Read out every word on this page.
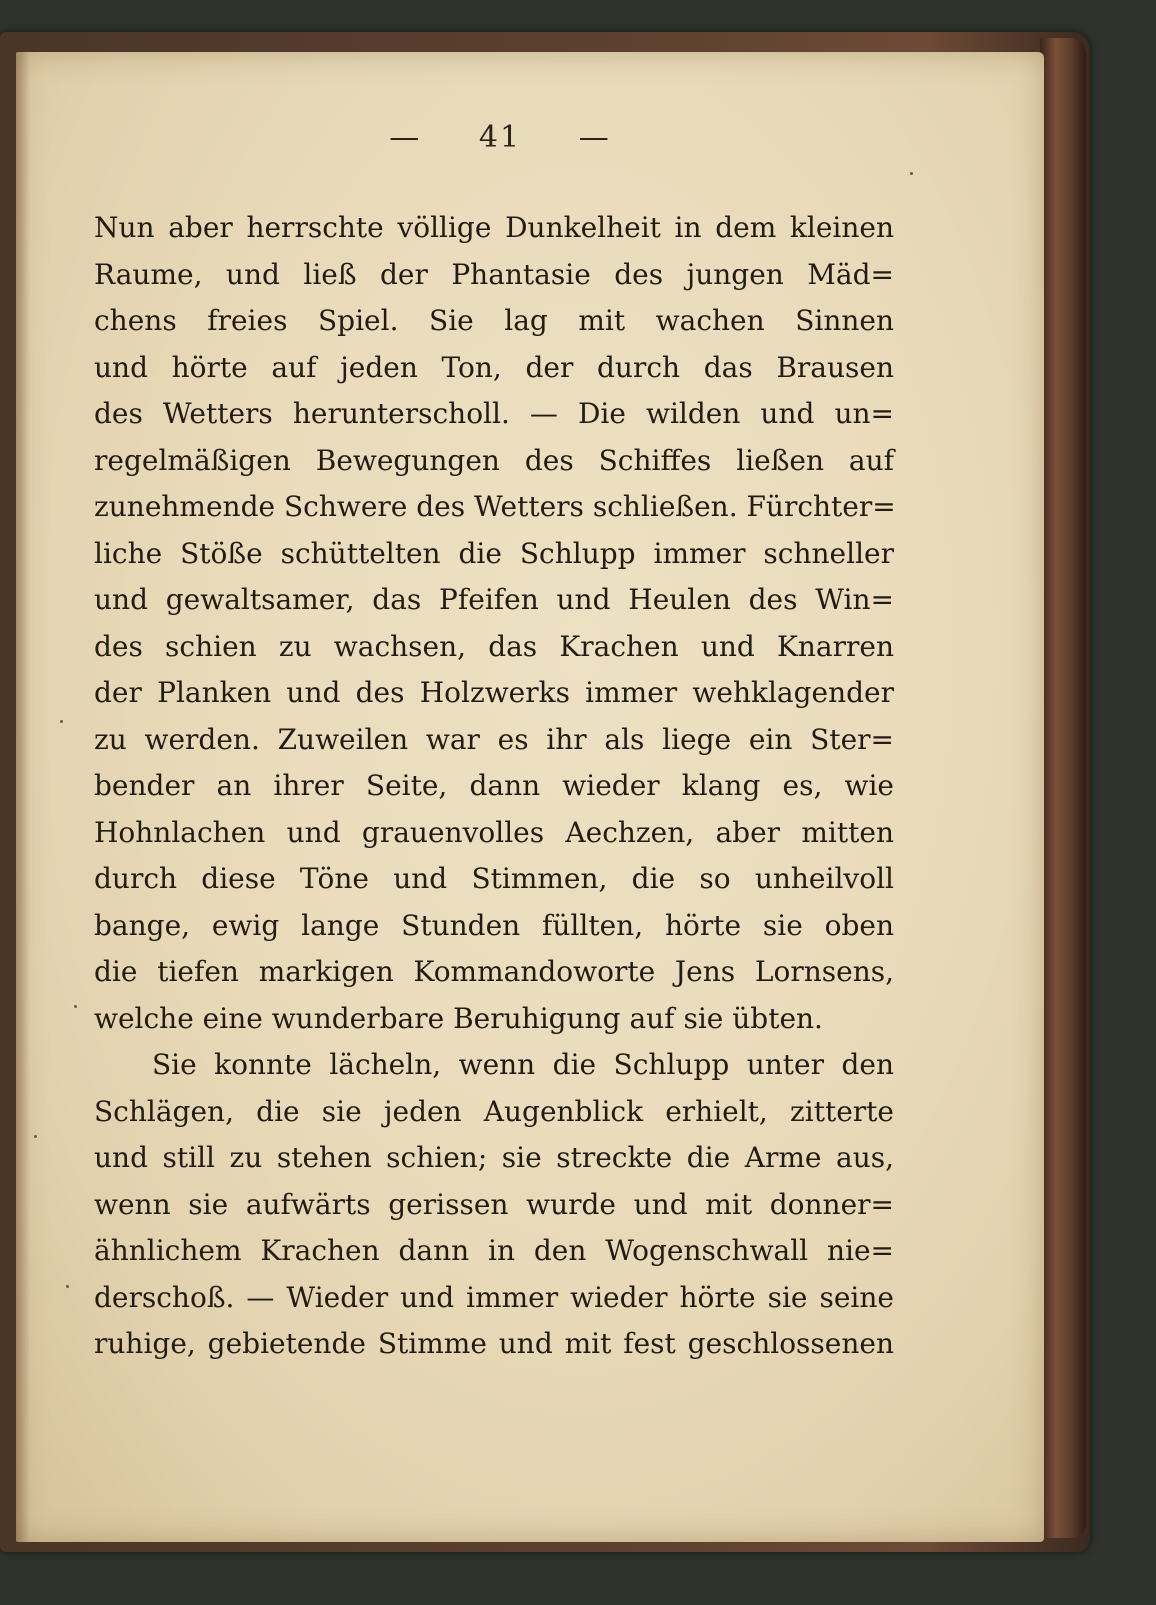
— 41 —
Nun aber herrschte völlige Dunkelheit in dem kleinen
Raume, und ließ der Phantasie des jungen Mäd=
chens freies Spiel. Sie lag mit wachen Sinnen
und hörte auf jeden Ton, der durch das Brausen
des Wetters herunterscholl. — Die wilden und un=
regelmäßigen Bewegungen des Schiffes ließen auf
zunehmende Schwere des Wetters schließen. Fürchter=
liche Stöße schüttelten die Schlupp immer schneller
und gewaltsamer, das Pfeifen und Heulen des Win=
des schien zu wachsen, das Krachen und Knarren
der Planken und des Holzwerks immer wehklagender
zu werden. Zuweilen war es ihr als liege ein Ster=
bender an ihrer Seite, dann wieder klang es, wie
Hohnlachen und grauenvolles Aechzen, aber mitten
durch diese Töne und Stimmen, die so unheilvoll
bange, ewig lange Stunden füllten, hörte sie oben
die tiefen markigen Kommandoworte Jens Lornsens,
welche eine wunderbare Beruhigung auf sie übten.
Sie konnte lächeln, wenn die Schlupp unter den
Schlägen, die sie jeden Augenblick erhielt, zitterte
und still zu stehen schien; sie streckte die Arme aus,
wenn sie aufwärts gerissen wurde und mit donner=
ähnlichem Krachen dann in den Wogenschwall nie=
derschoß. — Wieder und immer wieder hörte sie seine
ruhige, gebietende Stimme und mit fest geschlossenen
